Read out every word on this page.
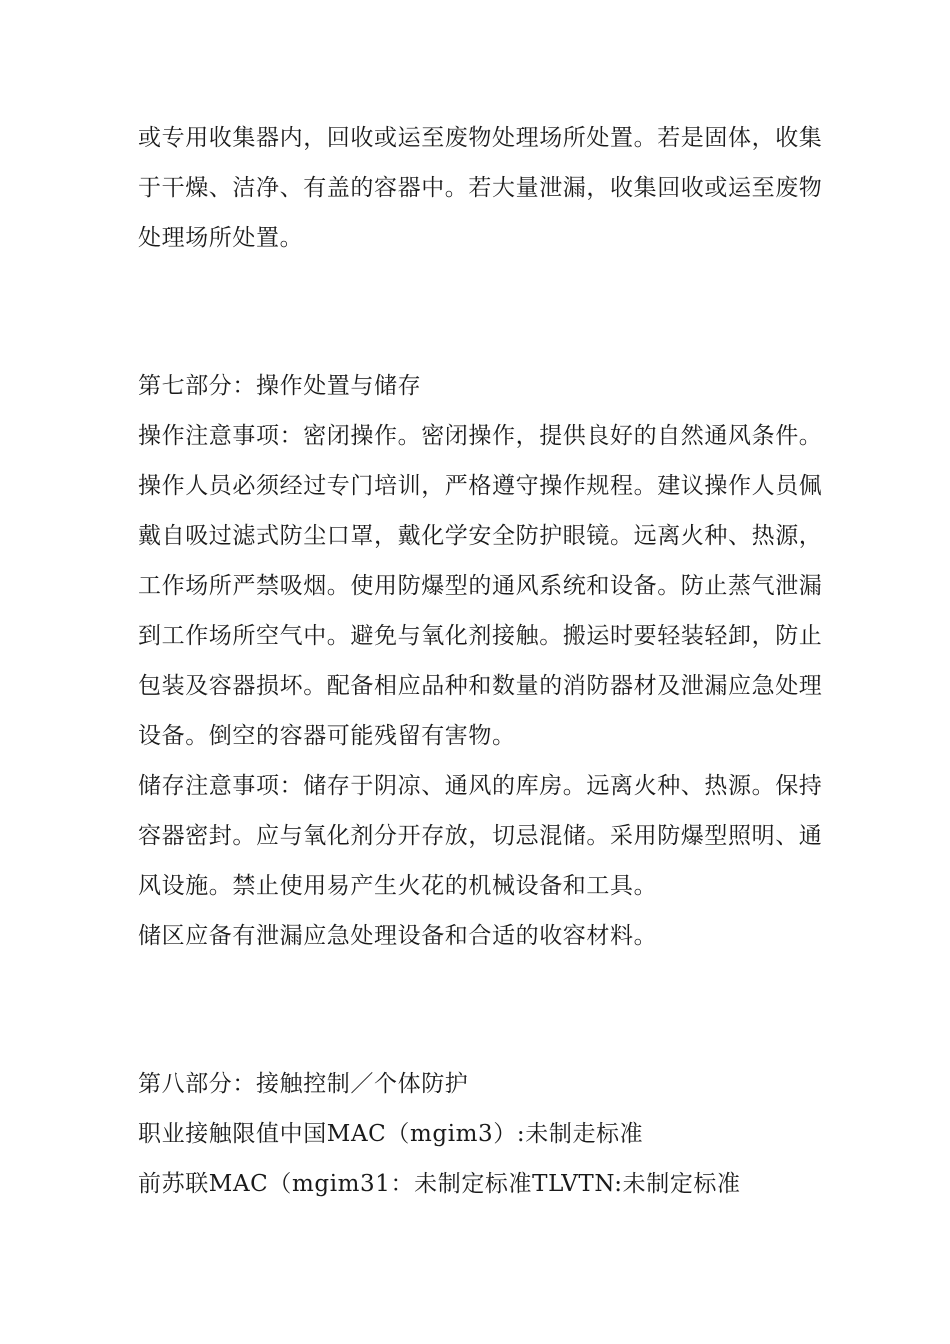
或专用收集器内，回收或运至废物处理场所处置。若是固体，收集
于干燥、洁净、有盖的容器中。若大量泄漏，收集回收或运至废物
处理场所处置。
第七部分：操作处置与储存
操作注意事项：密闭操作。密闭操作，提供良好的自然通风条件。
操作人员必须经过专门培训，严格遵守操作规程。建议操作人员佩
戴自吸过滤式防尘口罩，戴化学安全防护眼镜。远离火种、热源，
工作场所严禁吸烟。使用防爆型的通风系统和设备。防止蒸气泄漏
到工作场所空气中。避免与氧化剂接触。搬运时要轻装轻卸，防止
包装及容器损坏。配备相应品种和数量的消防器材及泄漏应急处理
设备。倒空的容器可能残留有害物。
储存注意事项：储存于阴凉、通风的库房。远离火种、热源。保持
容器密封。应与氧化剂分开存放，切忌混储。采用防爆型照明、通
风设施。禁止使用易产生火花的机械设备和工具。
储区应备有泄漏应急处理设备和合适的收容材料。
第八部分：接触控制／个体防护
职业接触限值中国MAC（mgim3）:未制走标准
前苏联MAC（mgim31：未制定标准TLVTN:未制定标准
